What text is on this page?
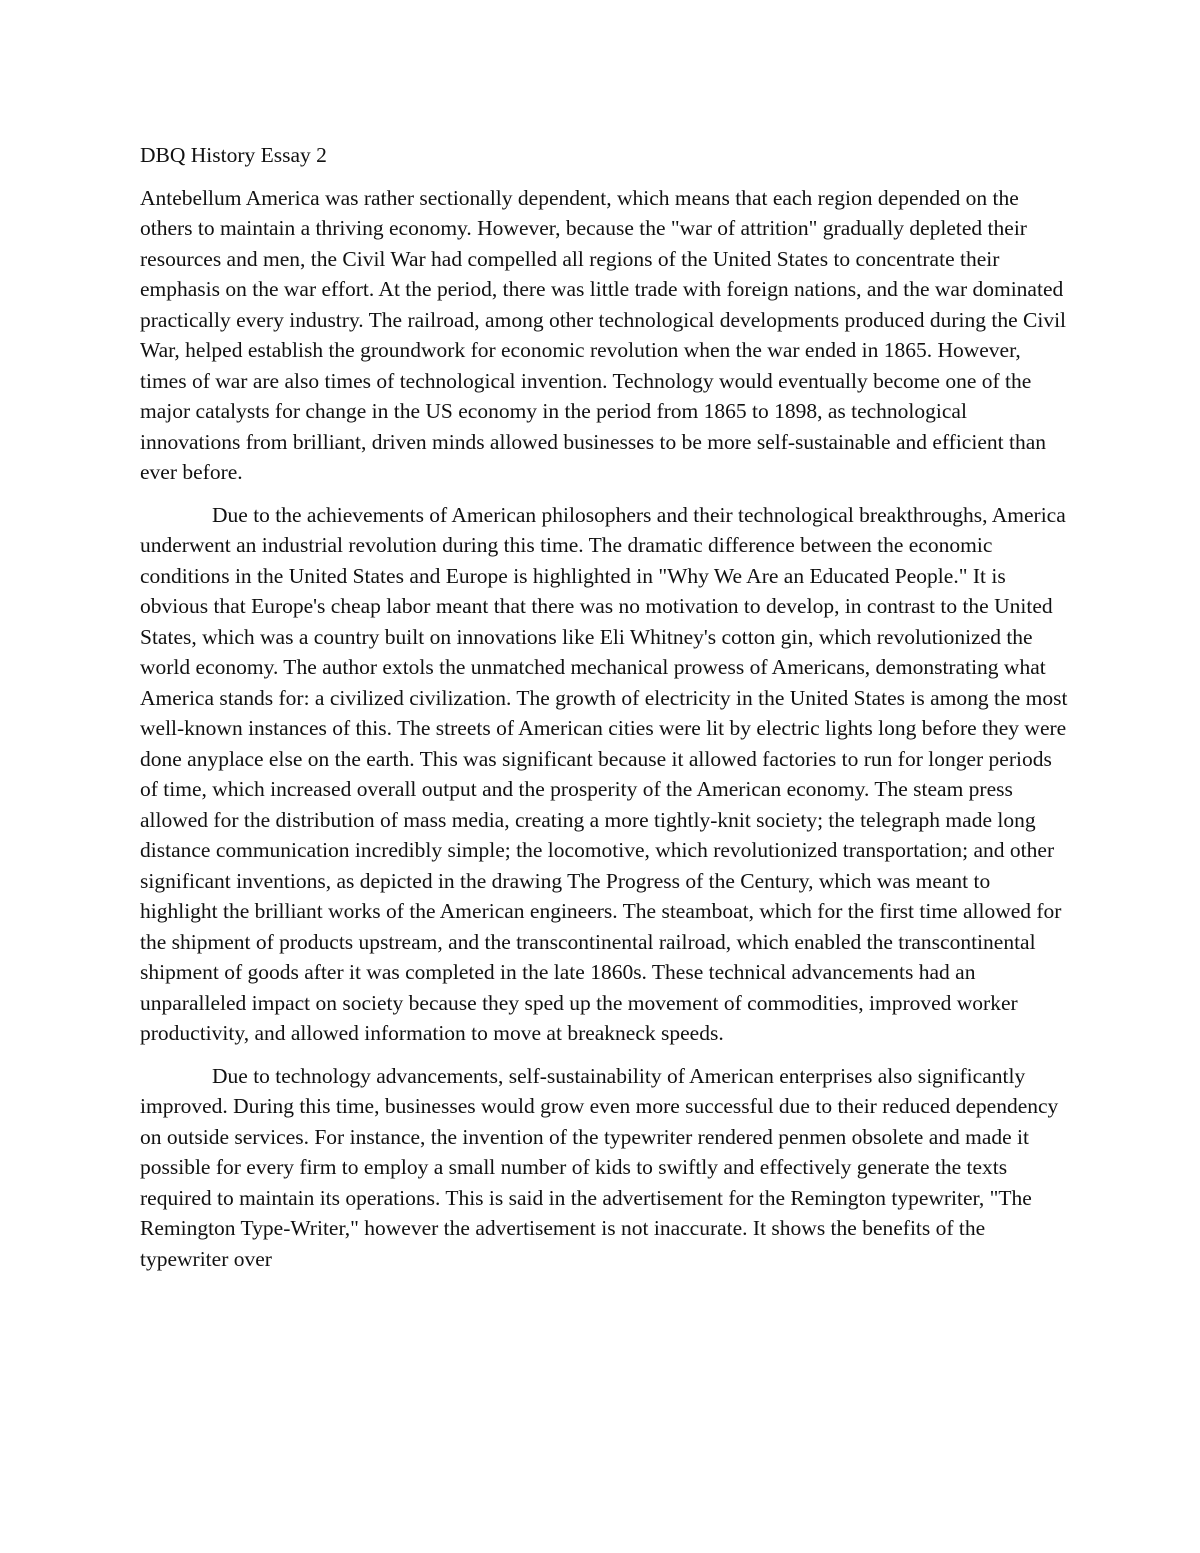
DBQ History Essay 2

Antebellum America was rather sectionally dependent, which means that each region depended on the others to maintain a thriving economy. However, because the "war of attrition" gradually depleted their resources and men, the Civil War had compelled all regions of the United States to concentrate their emphasis on the war effort. At the period, there was little trade with foreign nations, and the war dominated practically every industry. The railroad, among other technological developments produced during the Civil War, helped establish the groundwork for economic revolution when the war ended in 1865. However, times of war are also times of technological invention. Technology would eventually become one of the major catalysts for change in the US economy in the period from 1865 to 1898, as technological innovations from brilliant, driven minds allowed businesses to be more self-sustainable and efficient than ever before.

Due to the achievements of American philosophers and their technological breakthroughs, America underwent an industrial revolution during this time. The dramatic difference between the economic conditions in the United States and Europe is highlighted in "Why We Are an Educated People." It is obvious that Europe's cheap labor meant that there was no motivation to develop, in contrast to the United States, which was a country built on innovations like Eli Whitney's cotton gin, which revolutionized the world economy. The author extols the unmatched mechanical prowess of Americans, demonstrating what America stands for: a civilized civilization. The growth of electricity in the United States is among the most well-known instances of this. The streets of American cities were lit by electric lights long before they were done anyplace else on the earth. This was significant because it allowed factories to run for longer periods of time, which increased overall output and the prosperity of the American economy. The steam press allowed for the distribution of mass media, creating a more tightly-knit society; the telegraph made long distance communication incredibly simple; the locomotive, which revolutionized transportation; and other significant inventions, as depicted in the drawing The Progress of the Century, which was meant to highlight the brilliant works of the American engineers. The steamboat, which for the first time allowed for the shipment of products upstream, and the transcontinental railroad, which enabled the transcontinental shipment of goods after it was completed in the late 1860s. These technical advancements had an unparalleled impact on society because they sped up the movement of commodities, improved worker productivity, and allowed information to move at breakneck speeds.

Due to technology advancements, self-sustainability of American enterprises also significantly improved. During this time, businesses would grow even more successful due to their reduced dependency on outside services. For instance, the invention of the typewriter rendered penmen obsolete and made it possible for every firm to employ a small number of kids to swiftly and effectively generate the texts required to maintain its operations. This is said in the advertisement for the Remington typewriter, "The Remington Type-Writer," however the advertisement is not inaccurate. It shows the benefits of the typewriter over
